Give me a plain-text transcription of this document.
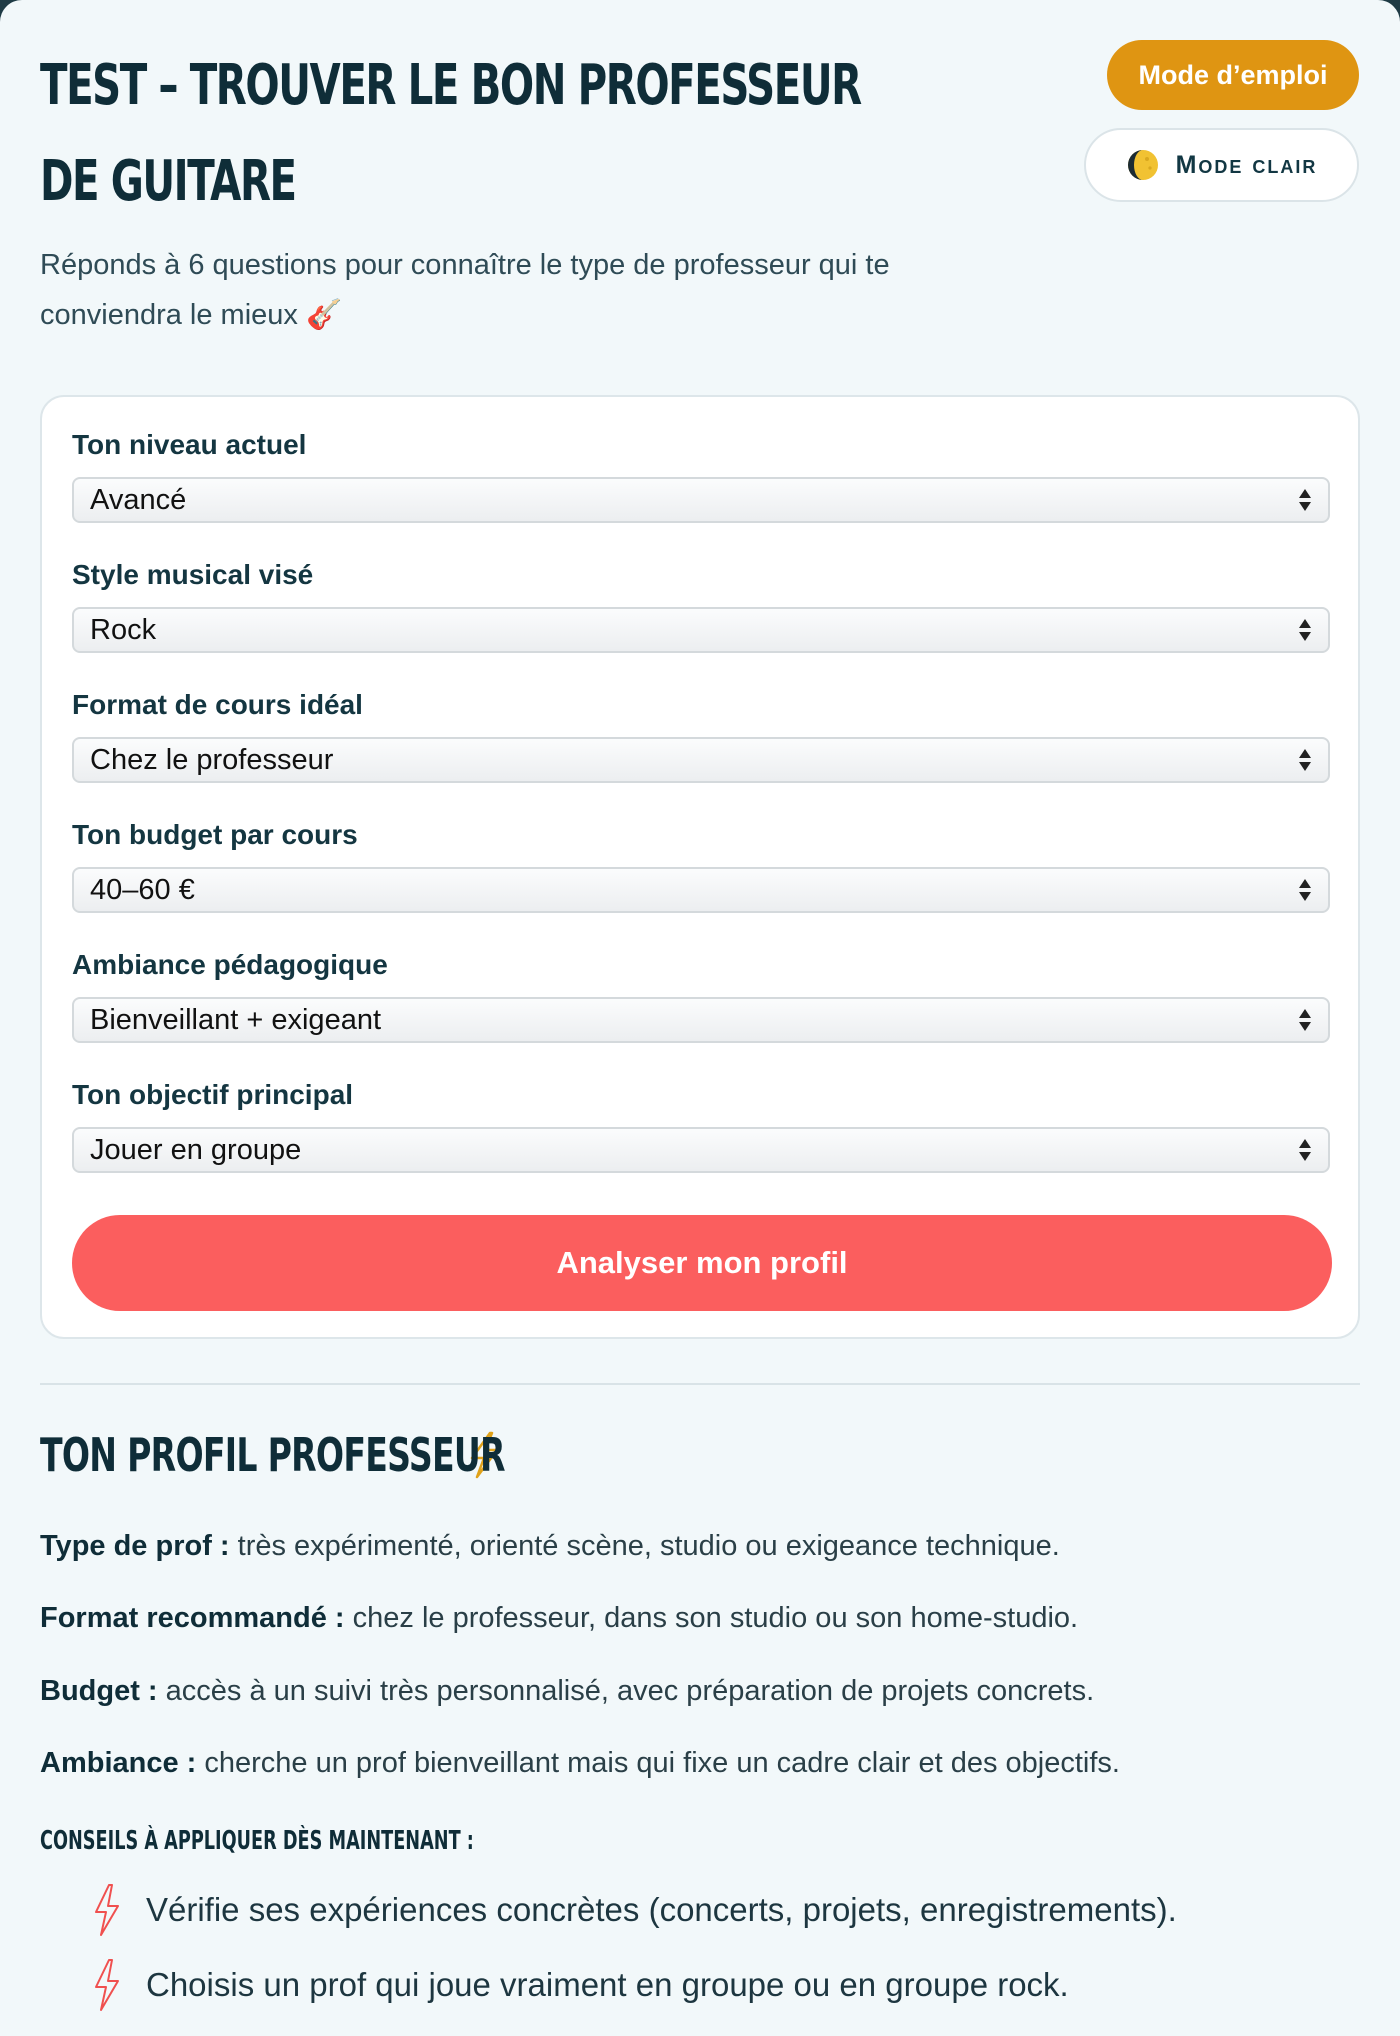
TEST – TROUVER LE BON PROFESSEUR DE GUITARE
Mode d’emploi
Mode clair

Réponds à 6 questions pour connaître le type de professeur qui te conviendra le mieux 🎸

Ton niveau actuel
Avancé
Style musical visé
Rock
Format de cours idéal
Chez le professeur
Ton budget par cours
40–60 €
Ambiance pédagogique
Bienveillant + exigeant
Ton objectif principal
Jouer en groupe
Analyser mon profil
TON PROFIL PROFESSEUR

Type de prof : très expérimenté, orienté scène, studio ou exigeance technique.

Format recommandé : chez le professeur, dans son studio ou son home-studio.

Budget : accès à un suivi très personnalisé, avec préparation de projets concrets.

Ambiance : cherche un prof bienveillant mais qui fixe un cadre clair et des objectifs.

CONSEILS À APPLIQUER DÈS MAINTENANT :
Vérifie ses expériences concrètes (concerts, projets, enregistrements).
Choisis un prof qui joue vraiment en groupe ou en groupe rock.
